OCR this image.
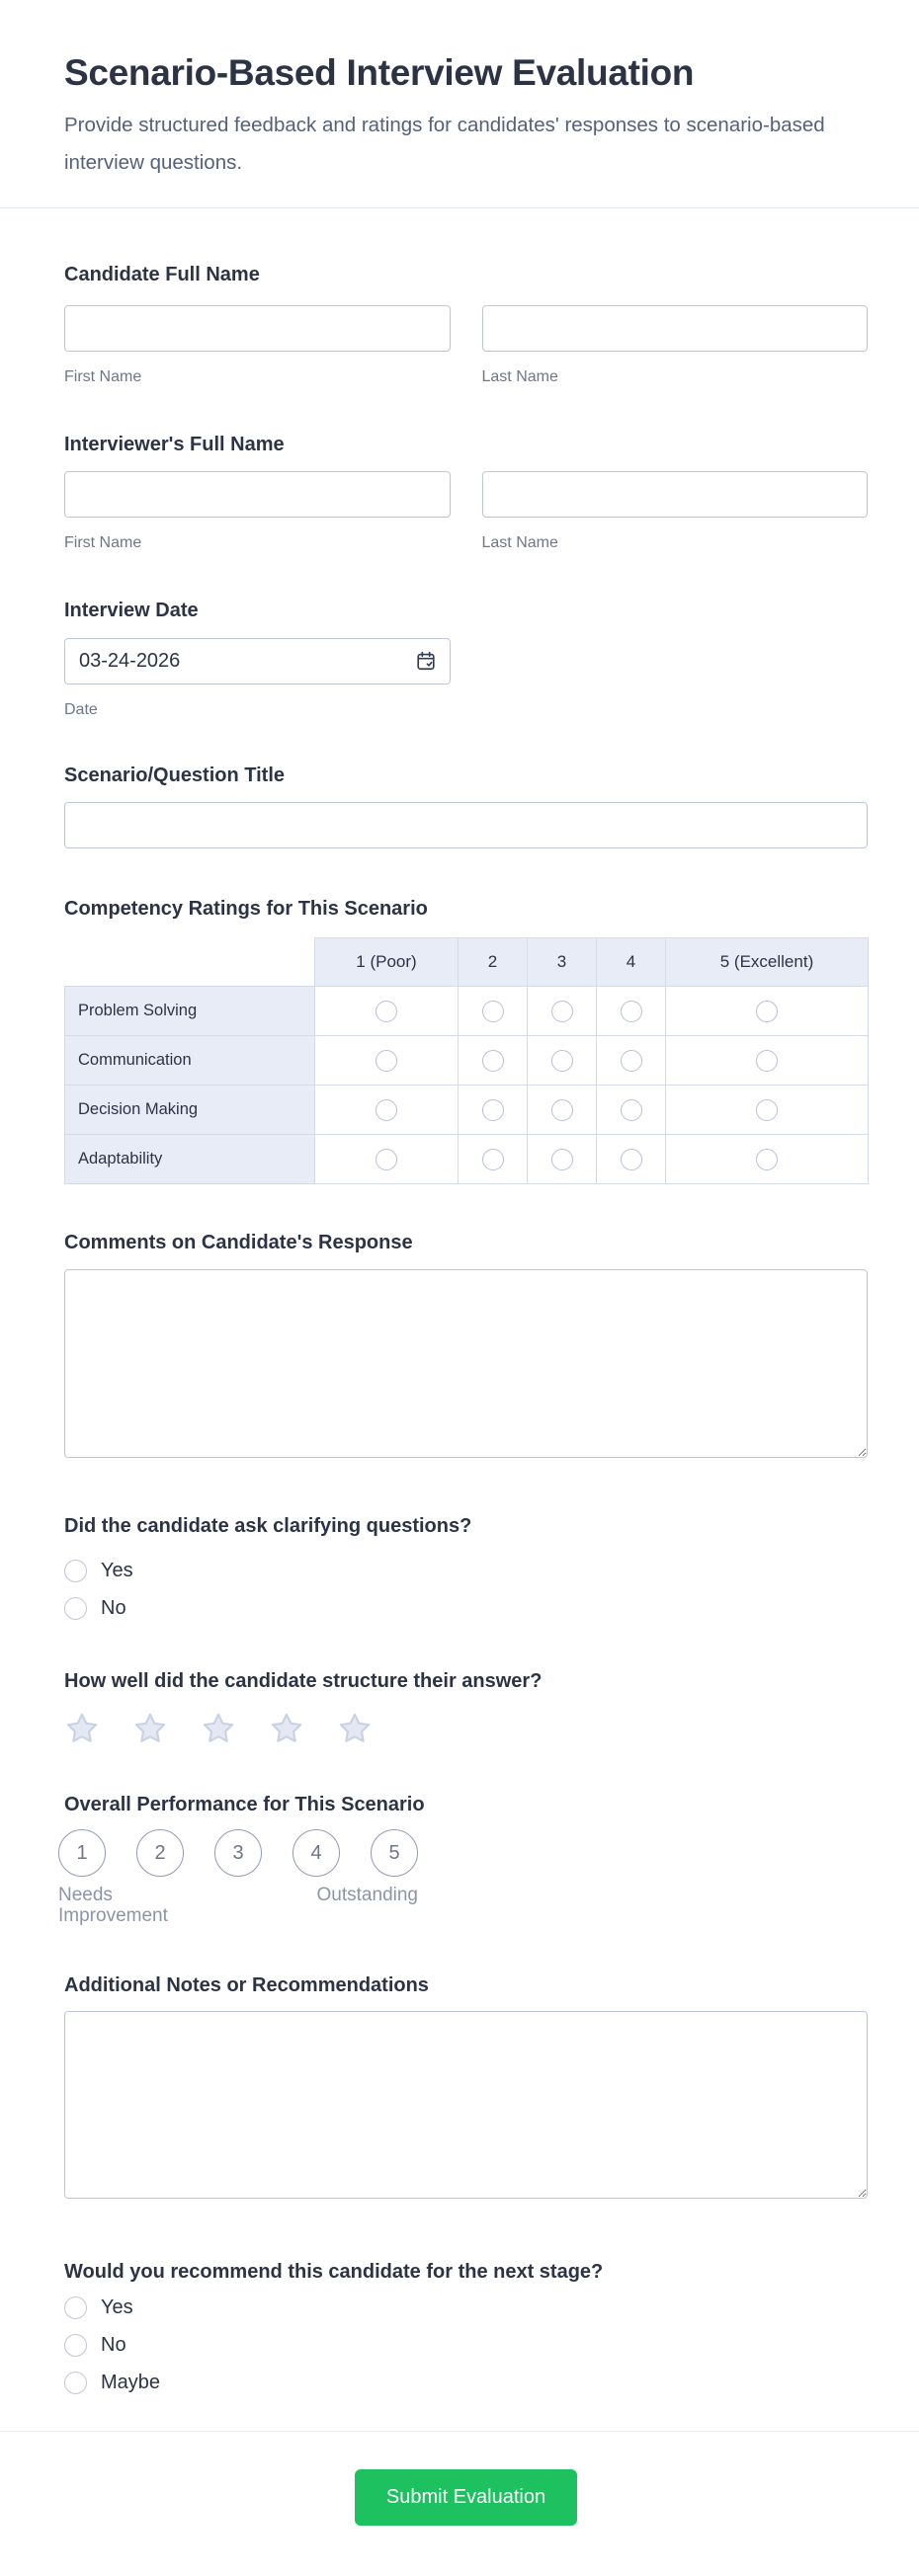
Scenario-Based Interview Evaluation

Provide structured feedback and ratings for candidates' responses to scenario-based interview questions.

Candidate Full Name
First Name	Last Name
Interviewer's Full Name
First Name	Last Name
Interview Date
03-24-2026
Date
Scenario/Question Title
Competency Ratings for This Scenario
	1 (Poor)	2	3	4	5 (Excellent)
Problem Solving					
Communication					
Decision Making					
Adaptability					
Comments on Candidate's Response
Did the candidate ask clarifying questions?
Yes
No
How well did the candidate structure their answer?
Overall Performance for This Scenario
1	2	3	4	5
Needs Improvement
Outstanding
Additional Notes or Recommendations
Would you recommend this candidate for the next stage?
Yes
No
Maybe
Submit Evaluation
